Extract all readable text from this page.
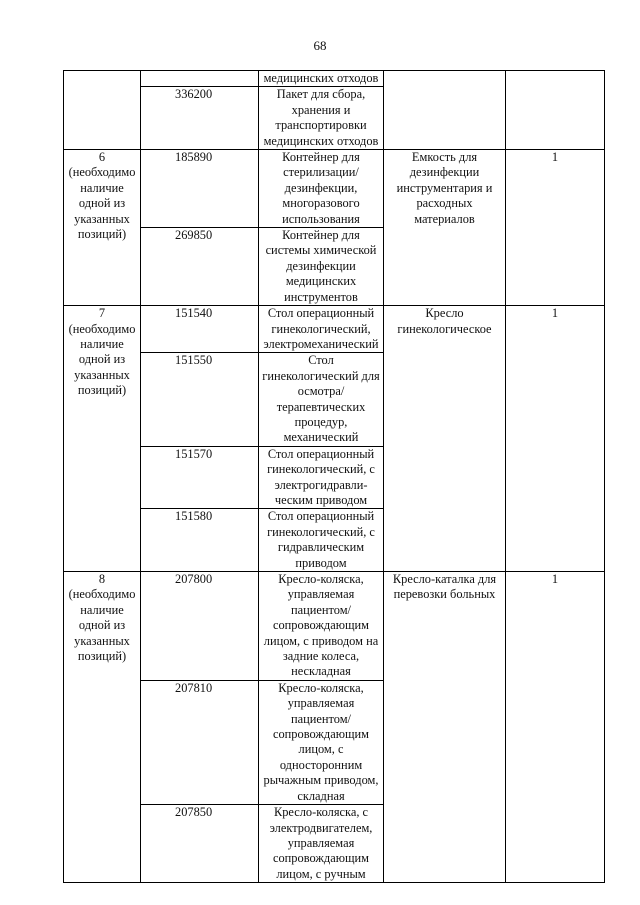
68
		медицинских отходов		
	336200	Пакет для сбора, хранения и транспортировки медицинских отходов		

6
(необходимо наличие одной из указанных позиций)	185890	Контейнер для стерилизации/ дезинфекции, многоразового использования	Емкость для дезинфекции инструментария и расходных материалов	1
	269850	Контейнер для системы химической дезинфекции медицинских инструментов		

7
(необходимо наличие одной из указанных позиций)	151540	Стол операционный гинекологический, электромеханический	Кресло гинекологическое	1
	151550	Стол гинекологический для осмотра/ терапевтических процедур, механический		
	151570	Стол операционный гинекологический, с электрогидравли-ческим приводом		
	151580	Стол операционный гинекологический, с гидравлическим приводом		

8
(необходимо наличие одной из указанных позиций)	207800	Кресло-коляска, управляемая пациентом/ сопровождающим лицом, с приводом на задние колеса, нескладная	Кресло-каталка для перевозки больных	1
	207810	Кресло-коляска, управляемая пациентом/ сопровождающим лицом, с односторонним рычажным приводом, складная		
	207850	Кресло-коляска, с электродвигателем, управляемая сопровождающим лицом, с ручным		
